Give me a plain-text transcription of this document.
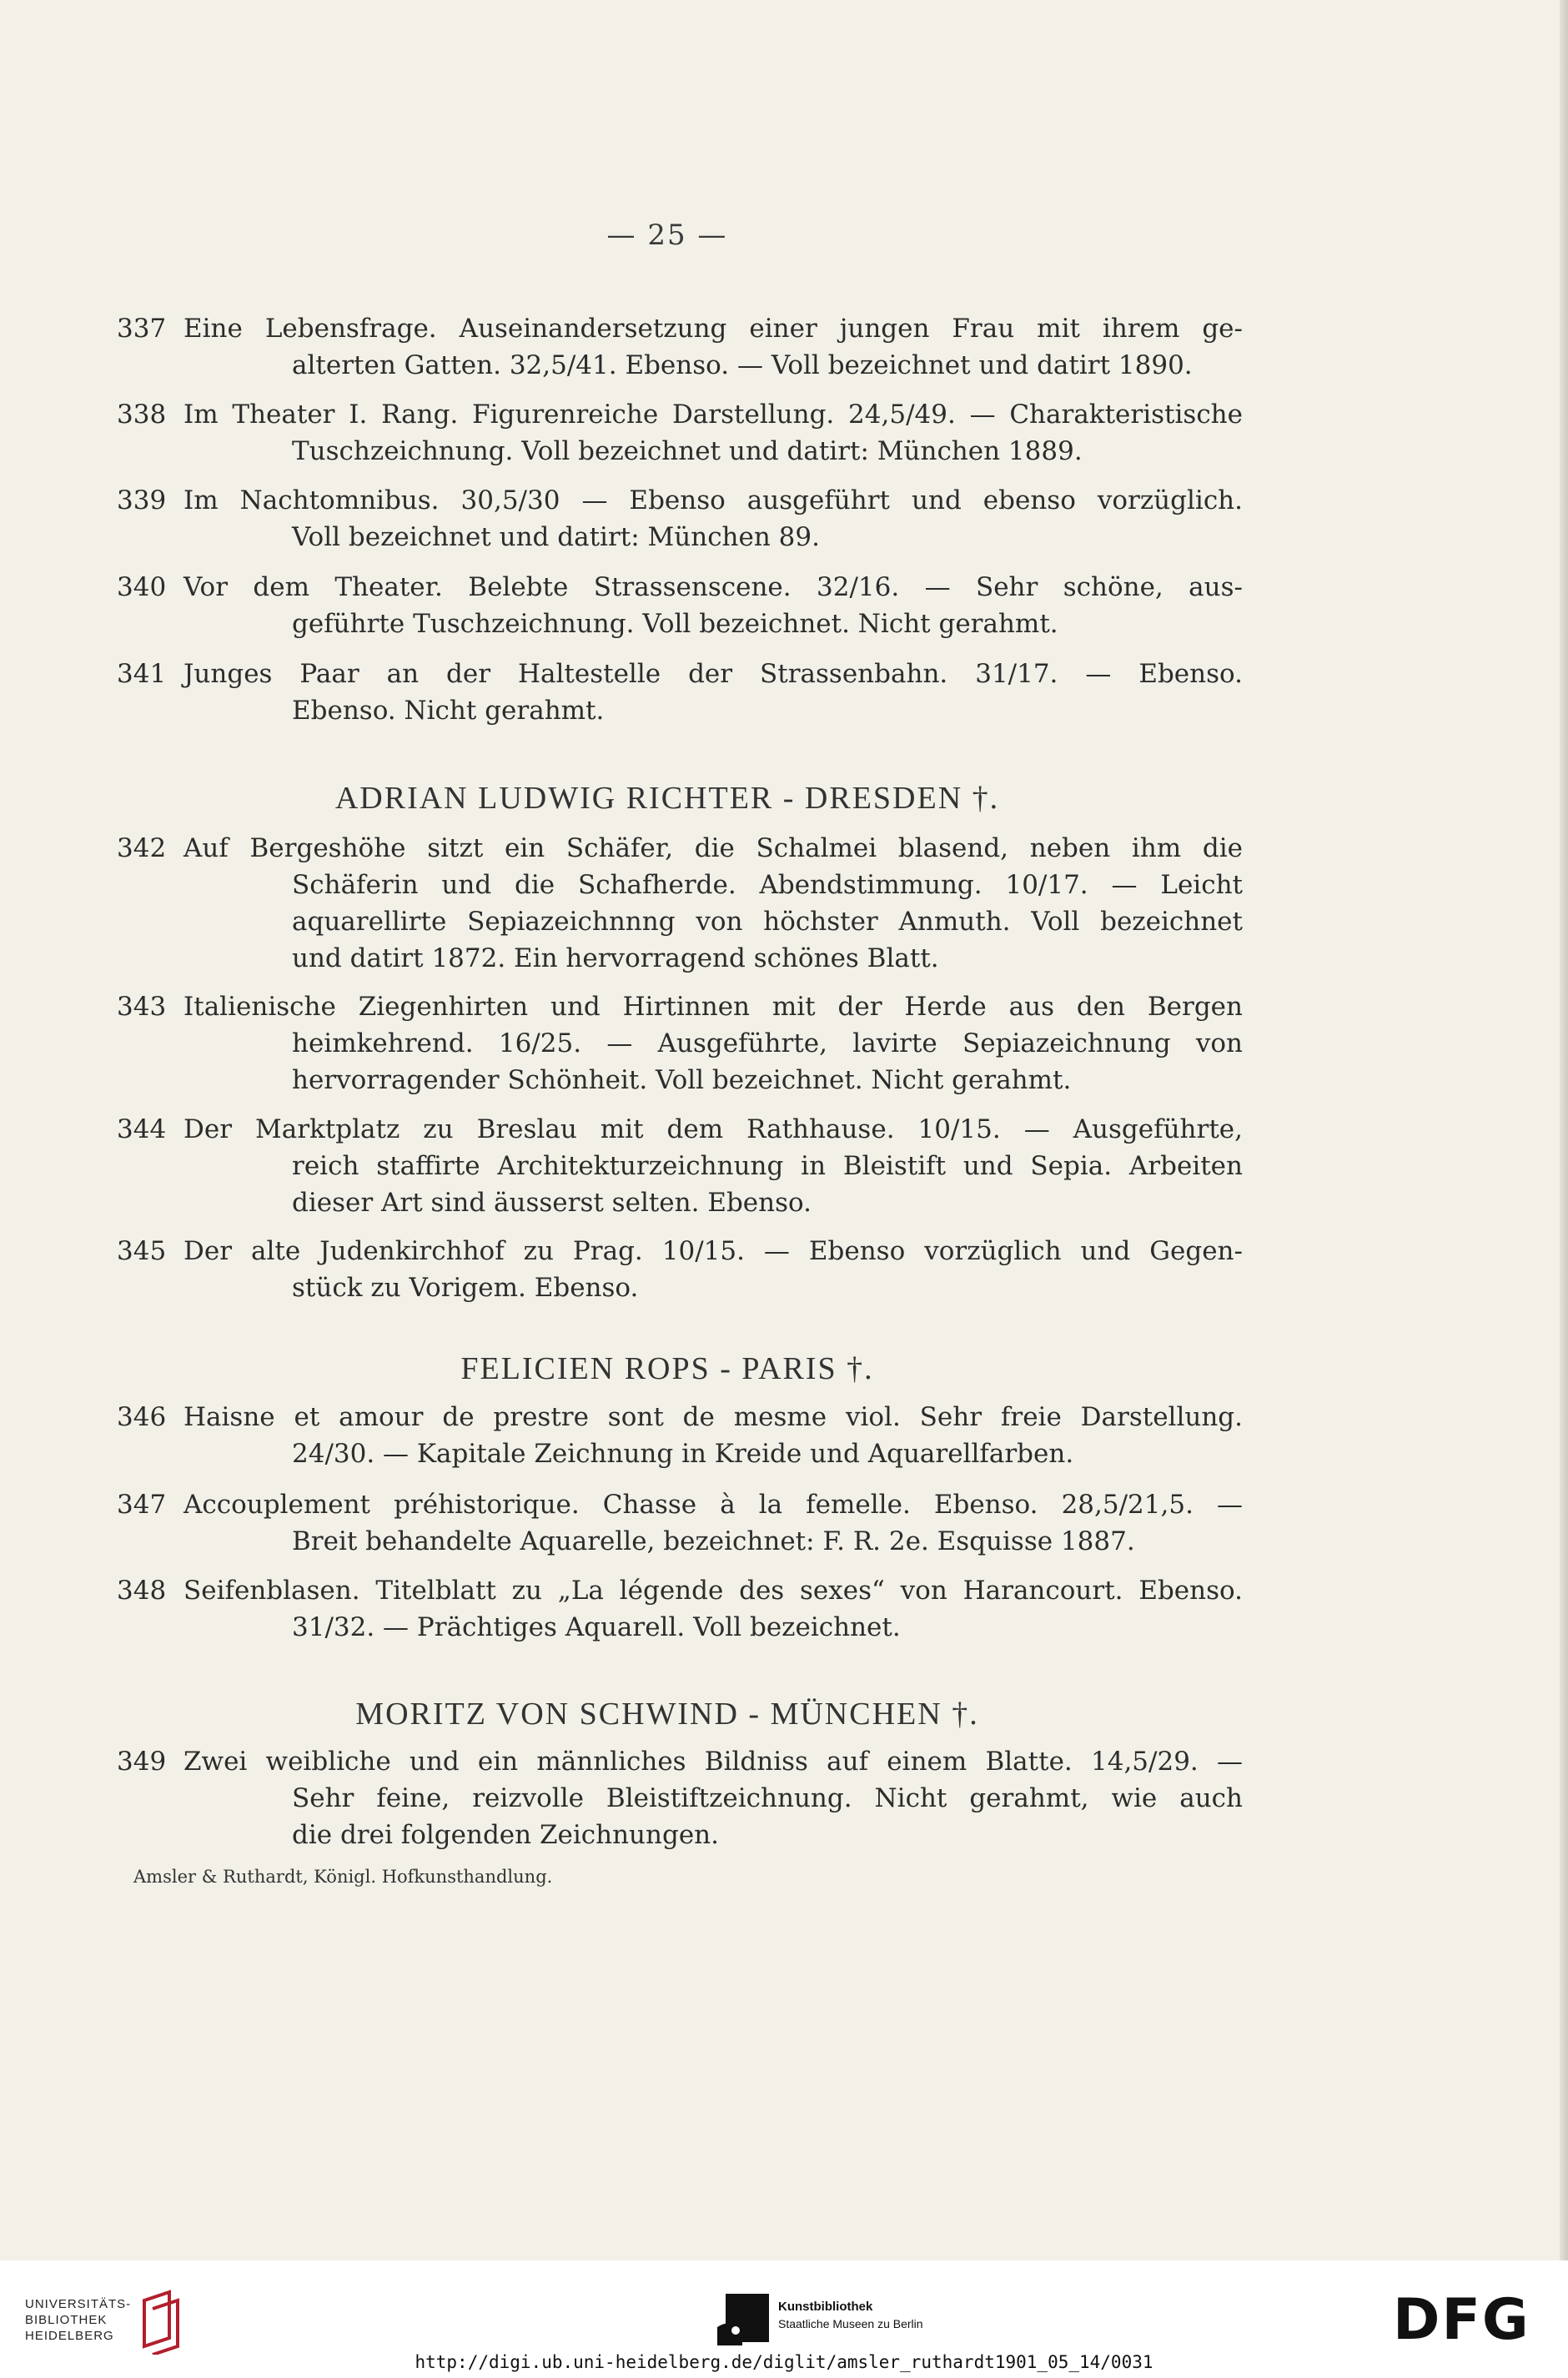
— 25 —
337 Eine Lebensfrage. Auseinandersetzung einer jungen Frau mit ihrem ge-
alterten Gatten. 32,5/41. Ebenso. — Voll bezeichnet und datirt 1890.
338 Im Theater I. Rang. Figurenreiche Darstellung. 24,5/49. — Charakteristische
Tuschzeichnung. Voll bezeichnet und datirt: München 1889.
339 Im Nachtomnibus. 30,5/30 — Ebenso ausgeführt und ebenso vorzüglich.
Voll bezeichnet und datirt: München 89.
340 Vor dem Theater. Belebte Strassenscene. 32/16. — Sehr schöne, aus-
geführte Tuschzeichnung. Voll bezeichnet. Nicht gerahmt.
341 Junges Paar an der Haltestelle der Strassenbahn. 31/17. — Ebenso.
Ebenso. Nicht gerahmt.
ADRIAN LUDWIG RICHTER - DRESDEN †.
342 Auf Bergeshöhe sitzt ein Schäfer, die Schalmei blasend, neben ihm die
Schäferin und die Schafherde. Abendstimmung. 10/17. — Leicht
aquarellirte Sepiazeichnnng von höchster Anmuth. Voll bezeichnet
und datirt 1872. Ein hervorragend schönes Blatt.
343 Italienische Ziegenhirten und Hirtinnen mit der Herde aus den Bergen
heimkehrend. 16/25. — Ausgeführte, lavirte Sepiazeichnung von
hervorragender Schönheit. Voll bezeichnet. Nicht gerahmt.
344 Der Marktplatz zu Breslau mit dem Rathhause. 10/15. — Ausgeführte,
reich staffirte Architekturzeichnung in Bleistift und Sepia. Arbeiten
dieser Art sind äusserst selten. Ebenso.
345 Der alte Judenkirchhof zu Prag. 10/15. — Ebenso vorzüglich und Gegen-
stück zu Vorigem. Ebenso.
FELICIEN ROPS - PARIS †.
346 Haisne et amour de prestre sont de mesme viol. Sehr freie Darstellung.
24/30. — Kapitale Zeichnung in Kreide und Aquarellfarben.
347 Accouplement préhistorique. Chasse à la femelle. Ebenso. 28,5/21,5. —
Breit behandelte Aquarelle, bezeichnet: F. R. 2e. Esquisse 1887.
348 Seifenblasen. Titelblatt zu „La légende des sexes“ von Harancourt. Ebenso.
31/32. — Prächtiges Aquarell. Voll bezeichnet.
MORITZ VON SCHWIND - MÜNCHEN †.
349 Zwei weibliche und ein männliches Bildniss auf einem Blatte. 14,5/29. —
Sehr feine, reizvolle Bleistiftzeichnung. Nicht gerahmt, wie auch
die drei folgenden Zeichnungen.
Amsler & Ruthardt, Königl. Hofkunsthandlung.
UNIVERSITÄTS-
BIBLIOTHEK
HEIDELBERG
Kunstbibliothek
Staatliche Museen zu Berlin	DFG
http://digi.ub.uni-heidelberg.de/diglit/amsler_ruthardt1901_05_14/0031
